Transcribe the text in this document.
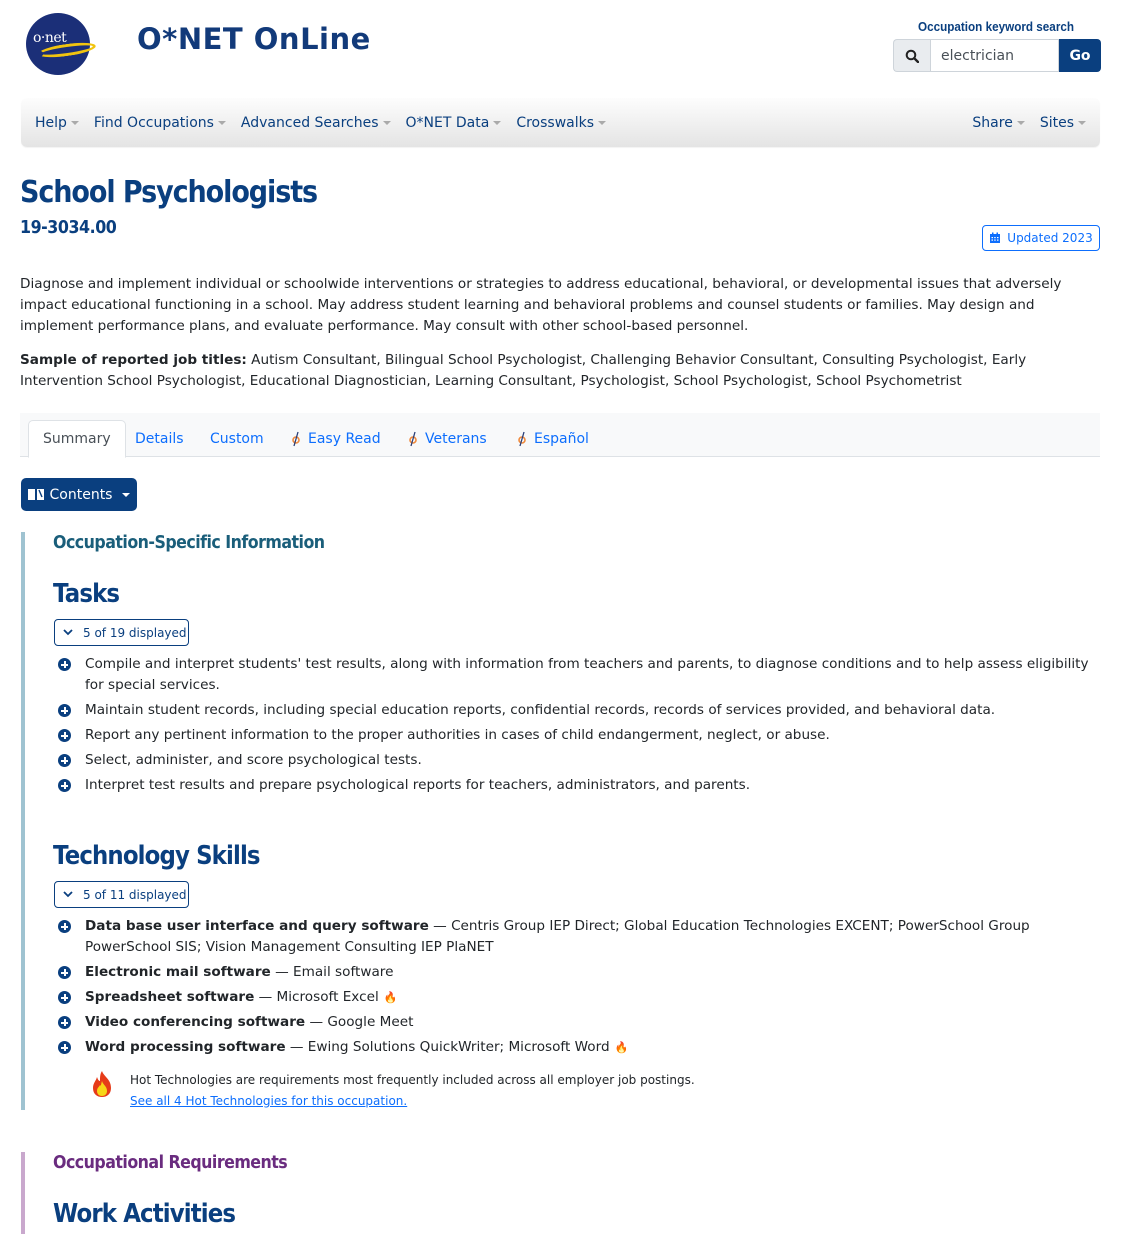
o·net O*NET OnLine	Occupation keyword search
electrician
Go
Help Find Occupations Advanced Searches O*NET Data Crosswalks	Share Sites
School Psychologists
19-3034.00	Updated 2023

Diagnose and implement individual or schoolwide interventions or strategies to address educational, behavioral, or developmental issues that adversely impact educational functioning in a school. May address student learning and behavioral problems and counsel students or families. May design and implement performance plans, and evaluate performance. May consult with other school-based personnel.

Sample of reported job titles: Autism Consultant, Bilingual School Psychologist, Challenging Behavior Consultant, Consulting Psychologist, Early Intervention School Psychologist, Educational Diagnostician, Learning Consultant, Psychologist, School Psychologist, School Psychometrist

Summary Details Custom	Easy Read	Veterans	Español
Contents
Occupation-Specific Information
Tasks
5 of 19 displayed
Compile and interpret students' test results, along with information from teachers and parents, to diagnose conditions and to help assess eligibility for special services.
Maintain student records, including special education reports, confidential records, records of services provided, and behavioral data.
Report any pertinent information to the proper authorities in cases of child endangerment, neglect, or abuse.
Select, administer, and score psychological tests.
Interpret test results and prepare psychological reports for teachers, administrators, and parents.
Technology Skills
5 of 11 displayed
Data base user interface and query software — Centris Group IEP Direct; Global Education Technologies EXCENT; PowerSchool Group PowerSchool SIS; Vision Management Consulting IEP PlaNET
Electronic mail software — Email software
Spreadsheet software — Microsoft Excel 🔥
Video conferencing software — Google Meet
Word processing software — Ewing Solutions QuickWriter; Microsoft Word 🔥
Hot Technologies are requirements most frequently included across all employer job postings.
See all 4 Hot Technologies for this occupation.
Occupational Requirements
Work Activities
